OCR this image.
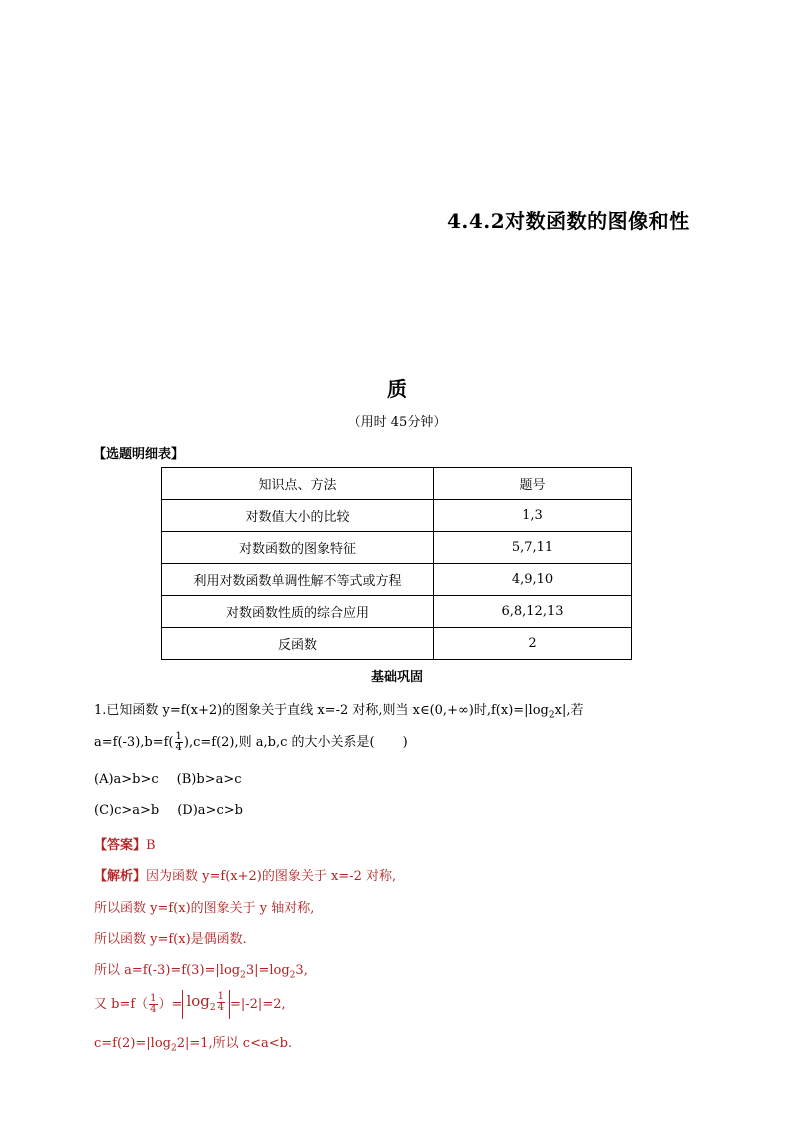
4.4.2对数函数的图像和性
质
（用时 45分钟）
【选题明细表】
知识点、方法	题号
对数值大小的比较	1,3
对数函数的图象特征	5,7,11
利用对数函数单调性解不等式或方程	4,9,10
对数函数性质的综合应用	6,8,12,13
反函数	2
基础巩固
1.已知函数 y=f(x+2)的图象关于直线 x=-2 对称,则当 x∈(0,+∞)时$,f(x)=|\log_2x|$,若
$a=f(-3),b=f( \frac{1}{4} ),c=f(2)$,则 a,b,c 的大小关系是( )
(A)a>b>c (B)b>a>c
(C)c>a>b (D)a>c>b
【答案】B
【解析】因为函数 y=f(x+2)的图象关于 x=-2 对称,
所以函数 y=f(x)的图象关于 y 轴对称,
所以函数 y=f(x)是偶函数.
所以 $a=f(-3)=f(3)=|\log_23|=\log_23$,
又 $b=f( \frac{1}{4}$ ）= $\log_2 \frac{1}{4} =|-2|=2$,
$c=f(2)=|\log_22|=1$,所以 c<a<b.
